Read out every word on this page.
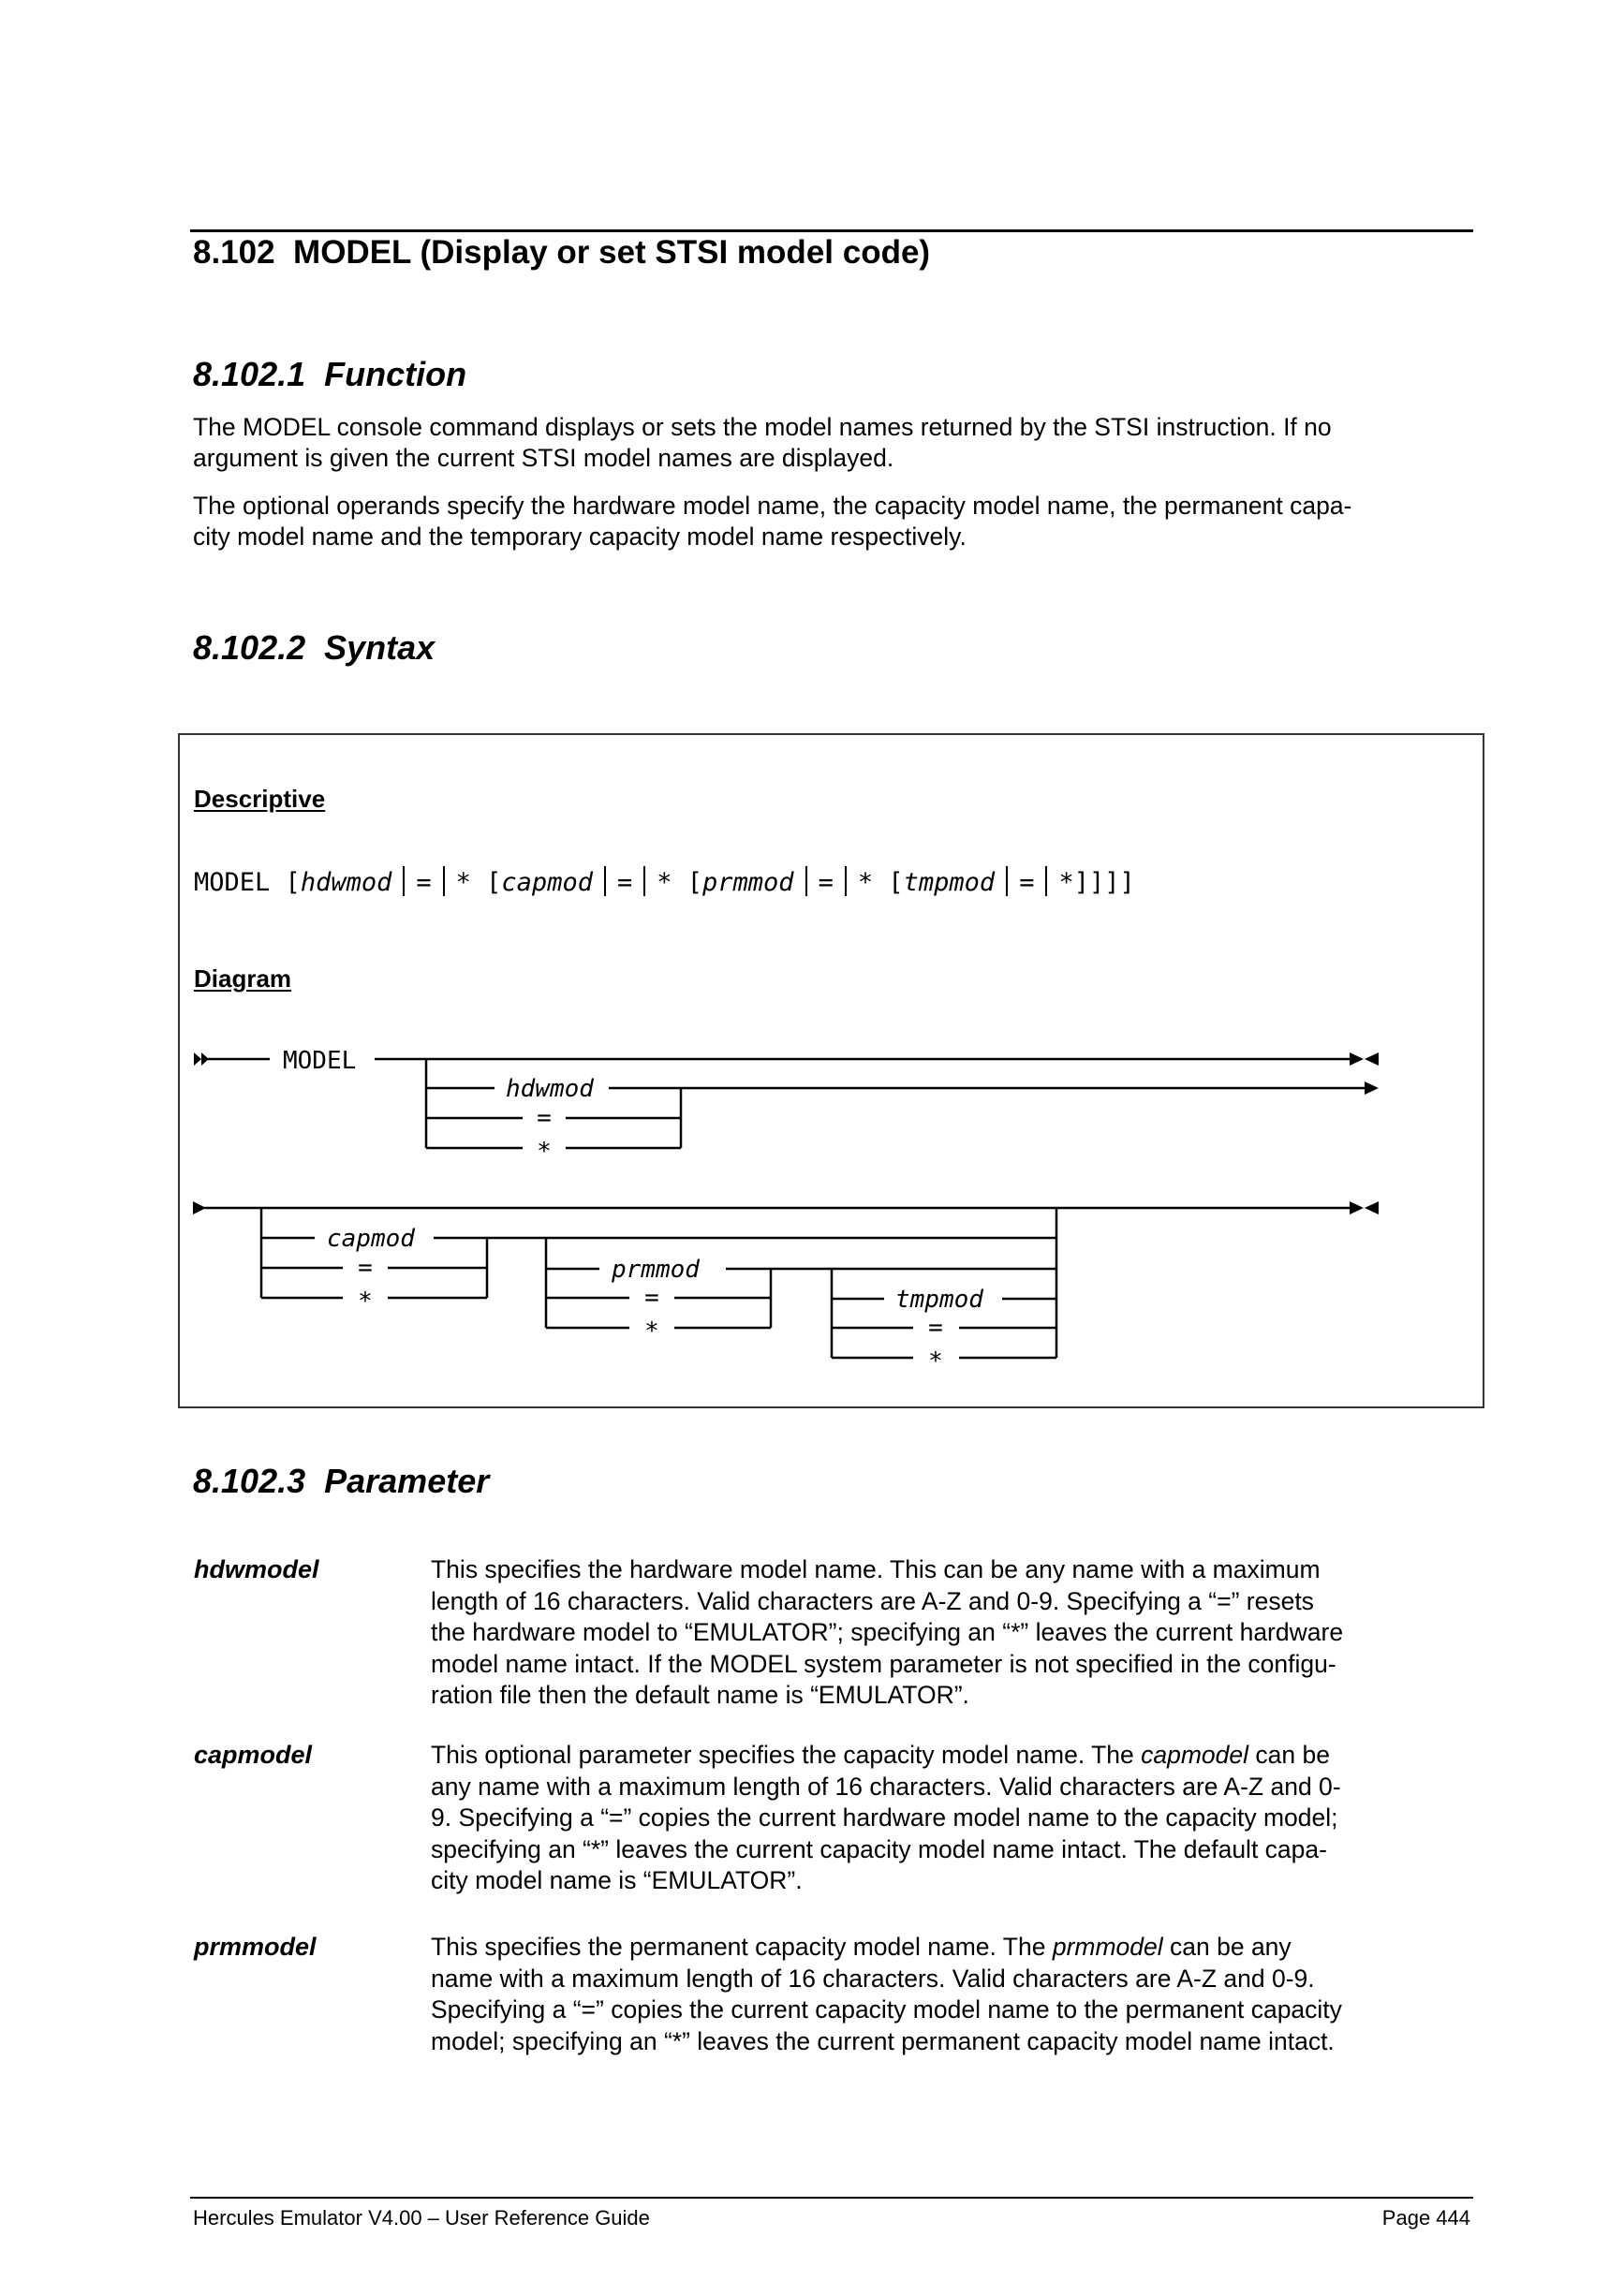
8.102  MODEL (Display or set STSI model code)
8.102.1  Function
The MODEL console command displays or sets the model names returned by the STSI instruction. If no
argument is given the current STSI model names are displayed.
The optional operands specify the hardware model name, the capacity model name, the permanent capa-
city model name and the temporary capacity model name respectively.
8.102.2  Syntax
Descriptive
MODEL [hdwmod = * [capmod = * [prmmod = * [tmpmod = *]]]]
Diagram
MODEL
hdwmod
=
*
capmod
=
*
prmmod
=
*
tmpmod
=
*
8.102.3  Parameter
hdwmodel	This specifies the hardware model name. This can be any name with a maximum
length of 16 characters. Valid characters are A-Z and 0-9. Specifying a “=” resets
the hardware model to “EMULATOR”; specifying an “*” leaves the current hardware
model name intact. If the MODEL system parameter is not specified in the configu-
ration file then the default name is “EMULATOR”.
capmodel	This optional parameter specifies the capacity model name. The capmodel can be
any name with a maximum length of 16 characters. Valid characters are A-Z and 0-
9. Specifying a “=” copies the current hardware model name to the capacity model;
specifying an “*” leaves the current capacity model name intact. The default capa-
city model name is “EMULATOR”.
prmmodel	This specifies the permanent capacity model name. The prmmodel can be any
name with a maximum length of 16 characters. Valid characters are A-Z and 0-9.
Specifying a “=” copies the current capacity model name to the permanent capacity
model; specifying an “*” leaves the current permanent capacity model name intact.
Hercules Emulator V4.00 – User Reference Guide	Page 444
